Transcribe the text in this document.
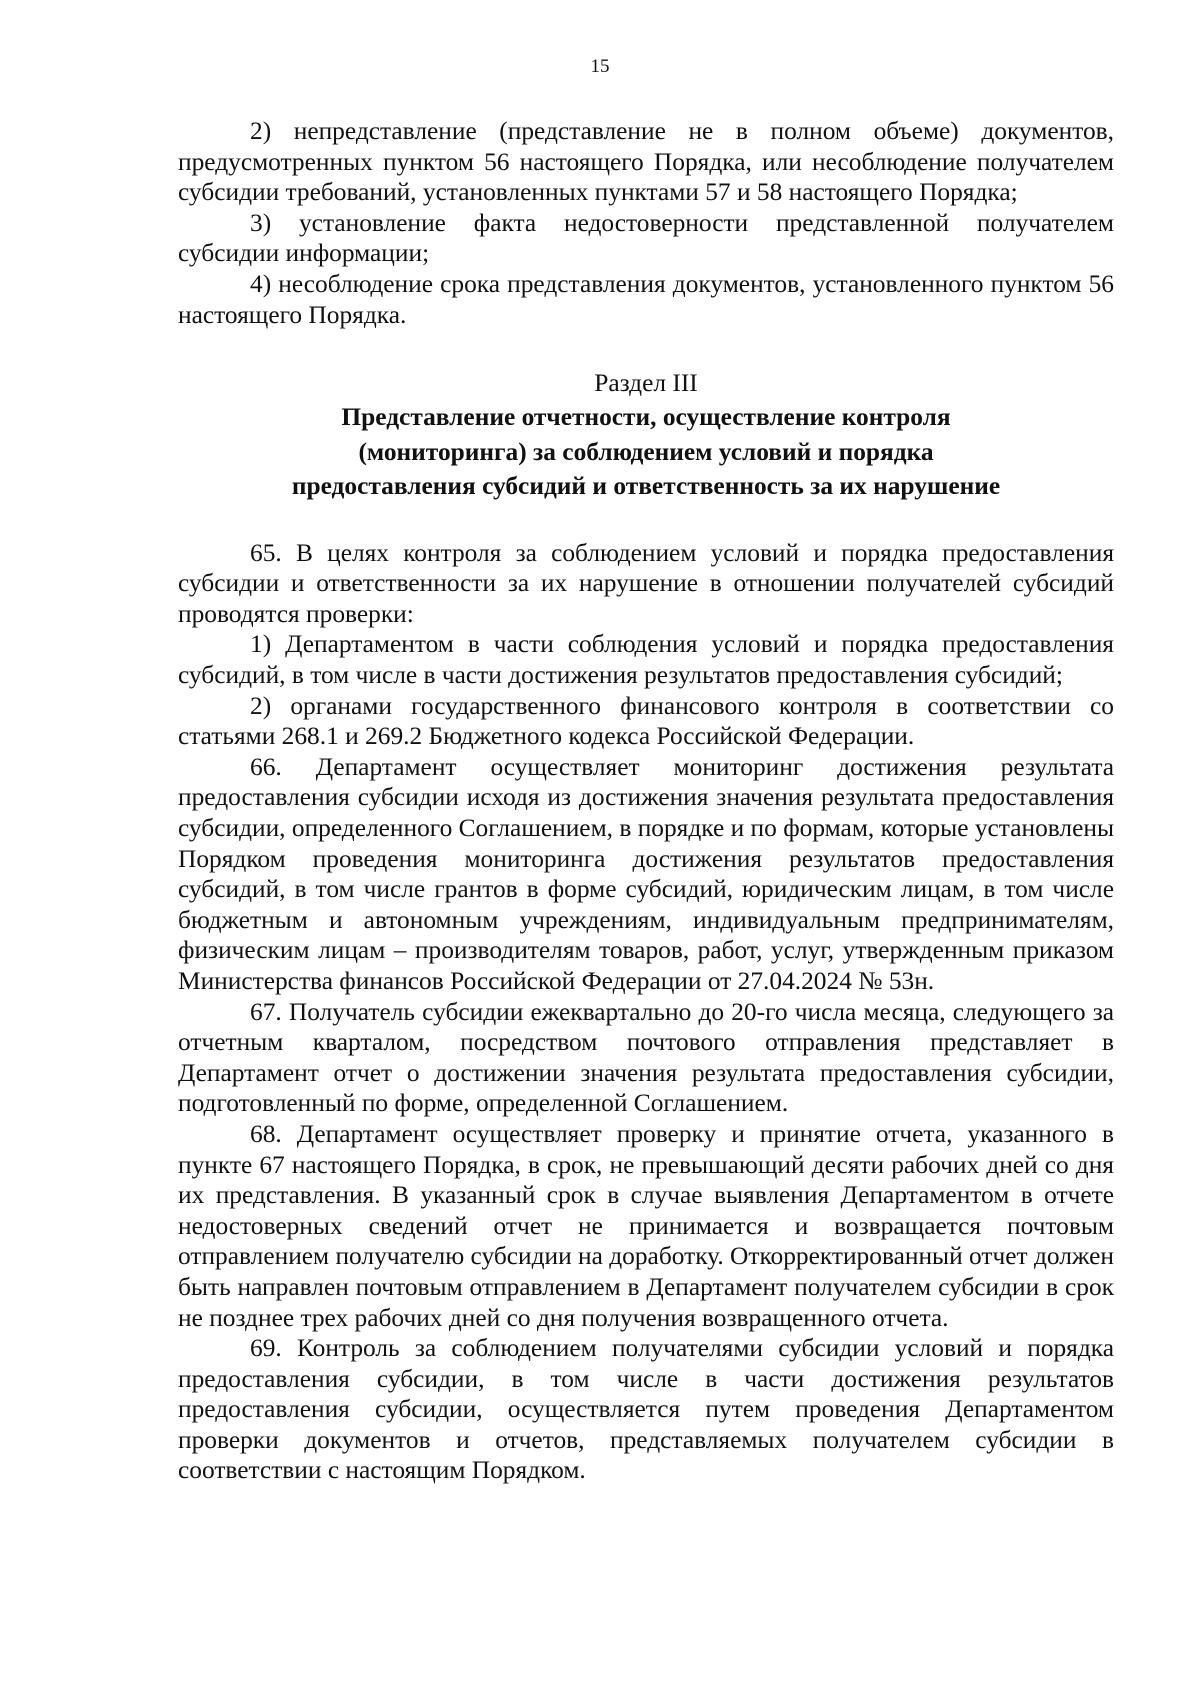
15

2) непредставление (представление не в полном объеме) документов, предусмотренных пунктом 56 настоящего Порядка, или несоблюдение получателем субсидии требований, установленных пунктами 57 и 58 настоящего Порядка;

3) установление факта недостоверности представленной получателем субсидии информации;

4) несоблюдение срока представления документов, установленного пунктом 56 настоящего Порядка.

Раздел III
Представление отчетности, осуществление контроля
(мониторинга) за соблюдением условий и порядка
предоставления субсидий и ответственность за их нарушение

65. В целях контроля за соблюдением условий и порядка предоставления субсидии и ответственности за их нарушение в отношении получателей субсидий проводятся проверки:

1) Департаментом в части соблюдения условий и порядка предоставления субсидий, в том числе в части достижения результатов предоставления субсидий;

2) органами государственного финансового контроля в соответствии со статьями 268.1 и 269.2 Бюджетного кодекса Российской Федерации.

66. Департамент осуществляет мониторинг достижения результата предоставления субсидии исходя из достижения значения результата предоставления субсидии, определенного Соглашением, в порядке и по формам, которые установлены Порядком проведения мониторинга достижения результатов предоставления субсидий, в том числе грантов в форме субсидий, юридическим лицам, в том числе бюджетным и автономным учреждениям, индивидуальным предпринимателям, физическим лицам – производителям товаров, работ, услуг, утвержденным приказом Министерства финансов Российской Федерации от 27.04.2024 № 53н.

67. Получатель субсидии ежеквартально до 20-го числа месяца, следующего за отчетным кварталом, посредством почтового отправления представляет в Департамент отчет о достижении значения результата предоставления субсидии, подготовленный по форме, определенной Соглашением.

68. Департамент осуществляет проверку и принятие отчета, указанного в пункте 67 настоящего Порядка, в срок, не превышающий десяти рабочих дней со дня их представления. В указанный срок в случае выявления Департаментом в отчете недостоверных сведений отчет не принимается и возвращается почтовым отправлением получателю субсидии на доработку. Откорректированный отчет должен быть направлен почтовым отправлением в Департамент получателем субсидии в срок не позднее трех рабочих дней со дня получения возвращенного отчета.

69. Контроль за соблюдением получателями субсидии условий и порядка предоставления субсидии, в том числе в части достижения результатов предоставления субсидии, осуществляется путем проведения Департаментом проверки документов и отчетов, представляемых получателем субсидии в соответствии с настоящим Порядком.
